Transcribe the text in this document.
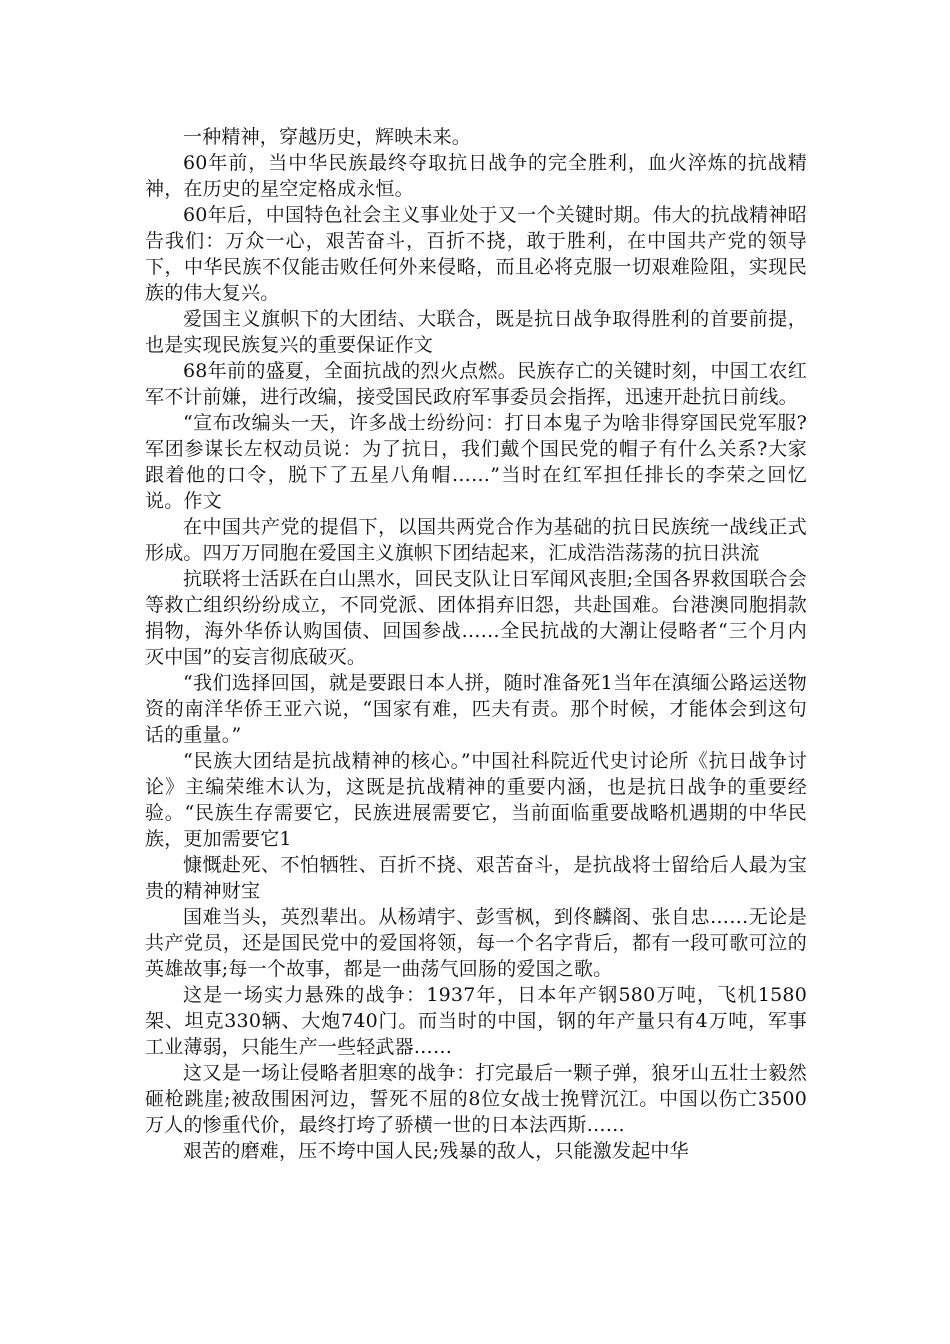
一种精神，穿越历史，辉映未来。

60年前，当中华民族最终夺取抗日战争的完全胜利，血火淬炼的抗战精神，在历史的星空定格成永恒。

60年后，中国特色社会主义事业处于又一个关键时期。伟大的抗战精神昭告我们：万众一心，艰苦奋斗，百折不挠，敢于胜利，在中国共产党的领导下，中华民族不仅能击败任何外来侵略，而且必将克服一切艰难险阻，实现民族的伟大复兴。

爱国主义旗帜下的大团结、大联合，既是抗日战争取得胜利的首要前提，也是实现民族复兴的重要保证作文

68年前的盛夏，全面抗战的烈火点燃。民族存亡的关键时刻，中国工农红军不计前嫌，进行改编，接受国民政府军事委员会指挥，迅速开赴抗日前线。

“宣布改编头一天，许多战士纷纷问：打日本鬼子为啥非得穿国民党军服?军团参谋长左权动员说：为了抗日，我们戴个国民党的帽子有什么关系?大家跟着他的口令，脱下了五星八角帽……”当时在红军担任排长的李荣之回忆说。作文

在中国共产党的提倡下，以国共两党合作为基础的抗日民族统一战线正式形成。四万万同胞在爱国主义旗帜下团结起来，汇成浩浩荡荡的抗日洪流

抗联将士活跃在白山黑水，回民支队让日军闻风丧胆;全国各界救国联合会等救亡组织纷纷成立，不同党派、团体捐弃旧怨，共赴国难。台港澳同胞捐款捐物，海外华侨认购国债、回国参战……全民抗战的大潮让侵略者“三个月内灭中国”的妄言彻底破灭。

“我们选择回国，就是要跟日本人拼，随时准备死1当年在滇缅公路运送物资的南洋华侨王亚六说，“国家有难，匹夫有责。那个时候，才能体会到这句话的重量。”

“民族大团结是抗战精神的核心。”中国社科院近代史讨论所《抗日战争讨论》主编荣维木认为，这既是抗战精神的重要内涵，也是抗日战争的重要经验。“民族生存需要它，民族进展需要它，当前面临重要战略机遇期的中华民族，更加需要它1

慷慨赴死、不怕牺牲、百折不挠、艰苦奋斗，是抗战将士留给后人最为宝贵的精神财宝

国难当头，英烈辈出。从杨靖宇、彭雪枫，到佟麟阁、张自忠……无论是共产党员，还是国民党中的爱国将领，每一个名字背后，都有一段可歌可泣的英雄故事;每一个故事，都是一曲荡气回肠的爱国之歌。

这是一场实力悬殊的战争：1937年，日本年产钢580万吨，飞机1580架、坦克330辆、大炮740门。而当时的中国，钢的年产量只有4万吨，军事工业薄弱，只能生产一些轻武器……

这又是一场让侵略者胆寒的战争：打完最后一颗子弹，狼牙山五壮士毅然砸枪跳崖;被敌围困河边，誓死不屈的8位女战士挽臂沉江。中国以伤亡3500万人的惨重代价，最终打垮了骄横一世的日本法西斯……

艰苦的磨难，压不垮中国人民;残暴的敌人，只能激发起中华
